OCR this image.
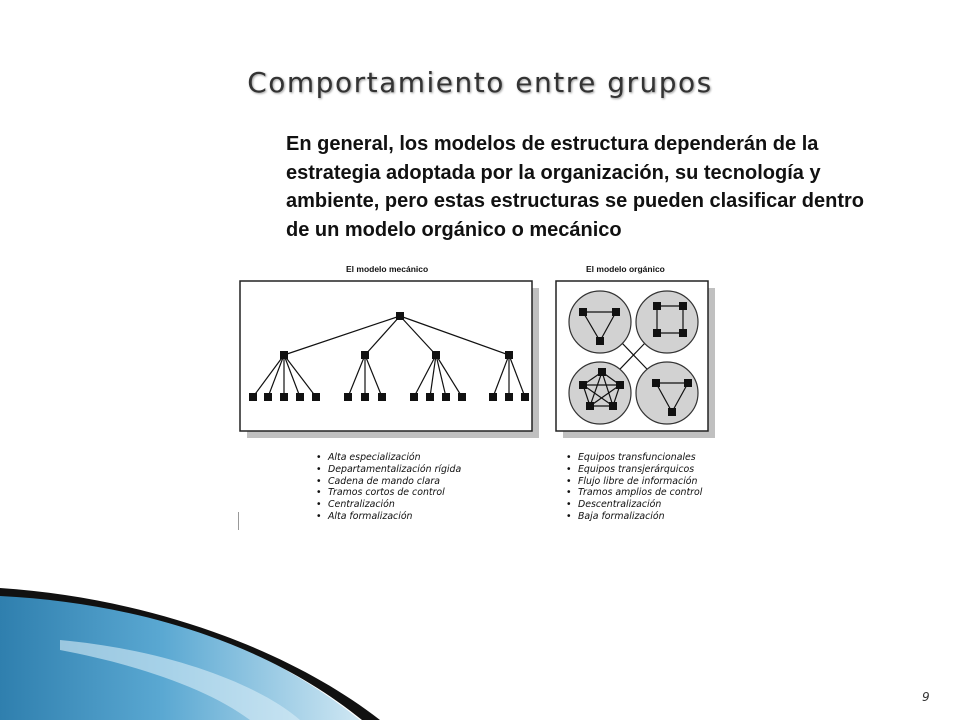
Comportamiento entre grupos

En general, los modelos de estructura dependerán de la estrategia adoptada por la organización, su tecnología y ambiente, pero estas estructuras se pueden clasificar dentro de un modelo orgánico o mecánico

El modelo mecánico	El modelo orgánico
• Alta especialización
• Departamentalización rígida
• Cadena de mando clara
• Tramos cortos de control
• Centralización
• Alta formalización
• Equipos transfuncionales
• Equipos transjerárquicos
• Flujo libre de información
• Tramos amplios de control
• Descentralización
• Baja formalización
9
